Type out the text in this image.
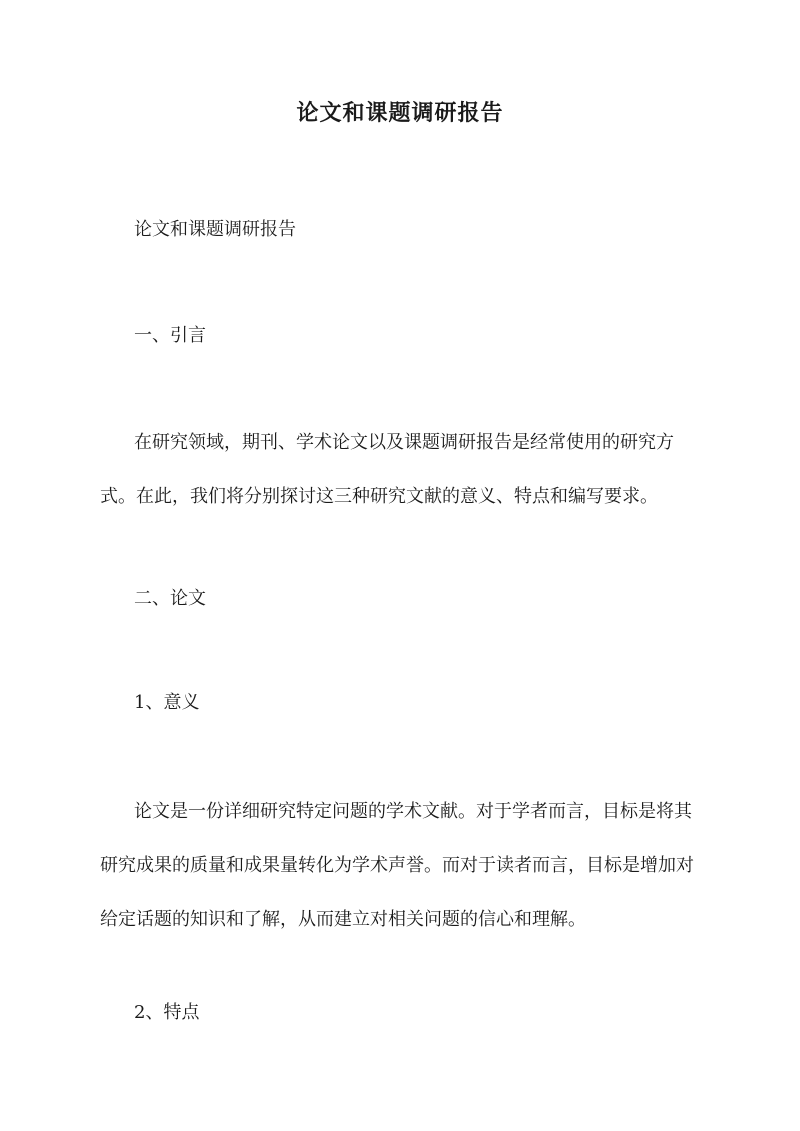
论文和课题调研报告
论文和课题调研报告
一、引言

在研究领域，期刊、学术论文以及课题调研报告是经常使用的研究方式。在此，我们将分别探讨这三种研究文献的意义、特点和编写要求。

二、论文
1、意义

论文是一份详细研究特定问题的学术文献。对于学者而言，目标是将其研究成果的质量和成果量转化为学术声誉。而对于读者而言，目标是增加对给定话题的知识和了解，从而建立对相关问题的信心和理解。

2、特点
